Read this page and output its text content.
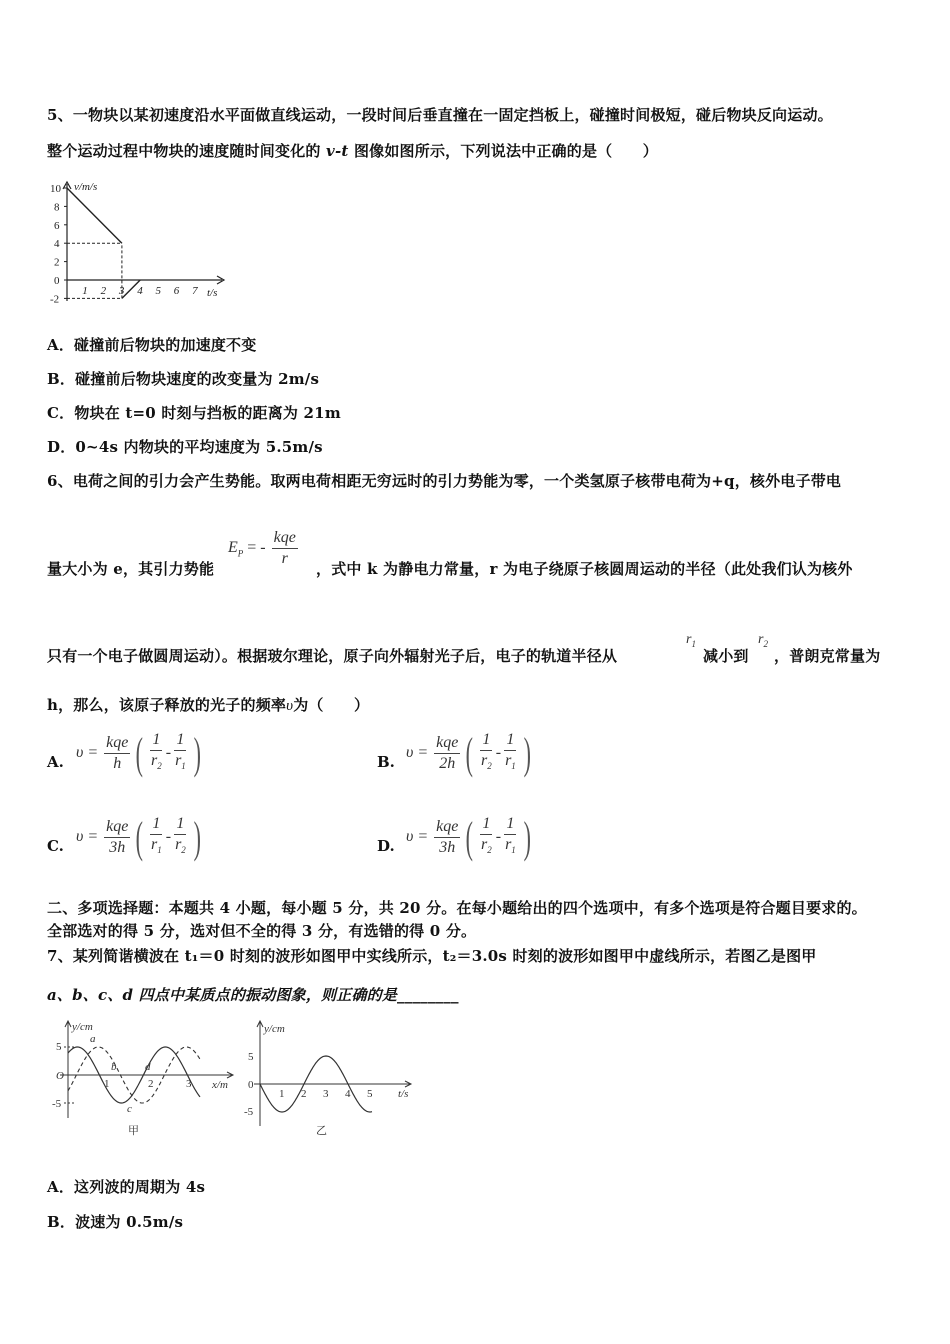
5、一物块以某初速度沿水平面做直线运动，一段时间后垂直撞在一固定挡板上，碰撞时间极短，碰后物块反向运动。
整个运动过程中物块的速度随时间变化的 v-t 图像如图所示，下列说法中正确的是（　　）
10
8
6
4
2
0
-2
1 2 3 4 5 6 7
v/m/s
t/s
A．碰撞前后物块的加速度不变
B．碰撞前后物块速度的改变量为 2m/s
C．物块在 t=0 时刻与挡板的距离为 21m
D．0~4s 内物块的平均速度为 5.5m/s
6、电荷之间的引力会产生势能。取两电荷相距无穷远时的引力势能为零，一个类氢原子核带电荷为+q，核外电子带电
量大小为 e，其引力势能
$E_P$ = - $\frac{\text{kqe}}{r}$ ，式中 k 为静电力常量，r 为电子绕原子核圆周运动的半径（此处我们认为核外
只有一个电子做圆周运动）。根据玻尔理论，原子向外辐射光子后，电子的轨道半径从
$r_1$
减小到
$r_2$
，普朗克常量为
h，那么，该原子释放的光子的频率υ为（　　）
A.
$\upsilon = \frac{\text{kqe}}{h}$ ( $\frac{1}{r_2} - \frac{1}{r_1}$ )	B.
$\upsilon = \frac{\text{kqe}}{2h}$ ( $\frac{1}{r_2} - \frac{1}{r_1}$ )
C.
$\upsilon = \frac{\text{kqe}}{3h}$ ( $\frac{1}{r_1} - \frac{1}{r_2}$ )	D.
$\upsilon = \frac{\text{kqe}}{3h}$ ( $\frac{1}{r_2} - \frac{1}{r_1}$ )
二、多项选择题：本题共 4 小题，每小题 5 分，共 20 分。在每小题给出的四个选项中，有多个选项是符合题目要求的。
全部选对的得 5 分，选对但不全的得 3 分，有选错的得 0 分。
7、某列简谐横波在 t₁＝0 时刻的波形如图甲中实线所示，t₂＝3.0s 时刻的波形如图甲中虚线所示，若图乙是图甲
a、b、c、d 四点中某质点的振动图象，则正确的是________
y/cm
x/m
a
b
c
d
5
O
-5
1	2	3
甲
y/cm
t/s
5
0
-5
1 2 3 4 5
乙
A．这列波的周期为 4s
B．波速为 0.5m/s
